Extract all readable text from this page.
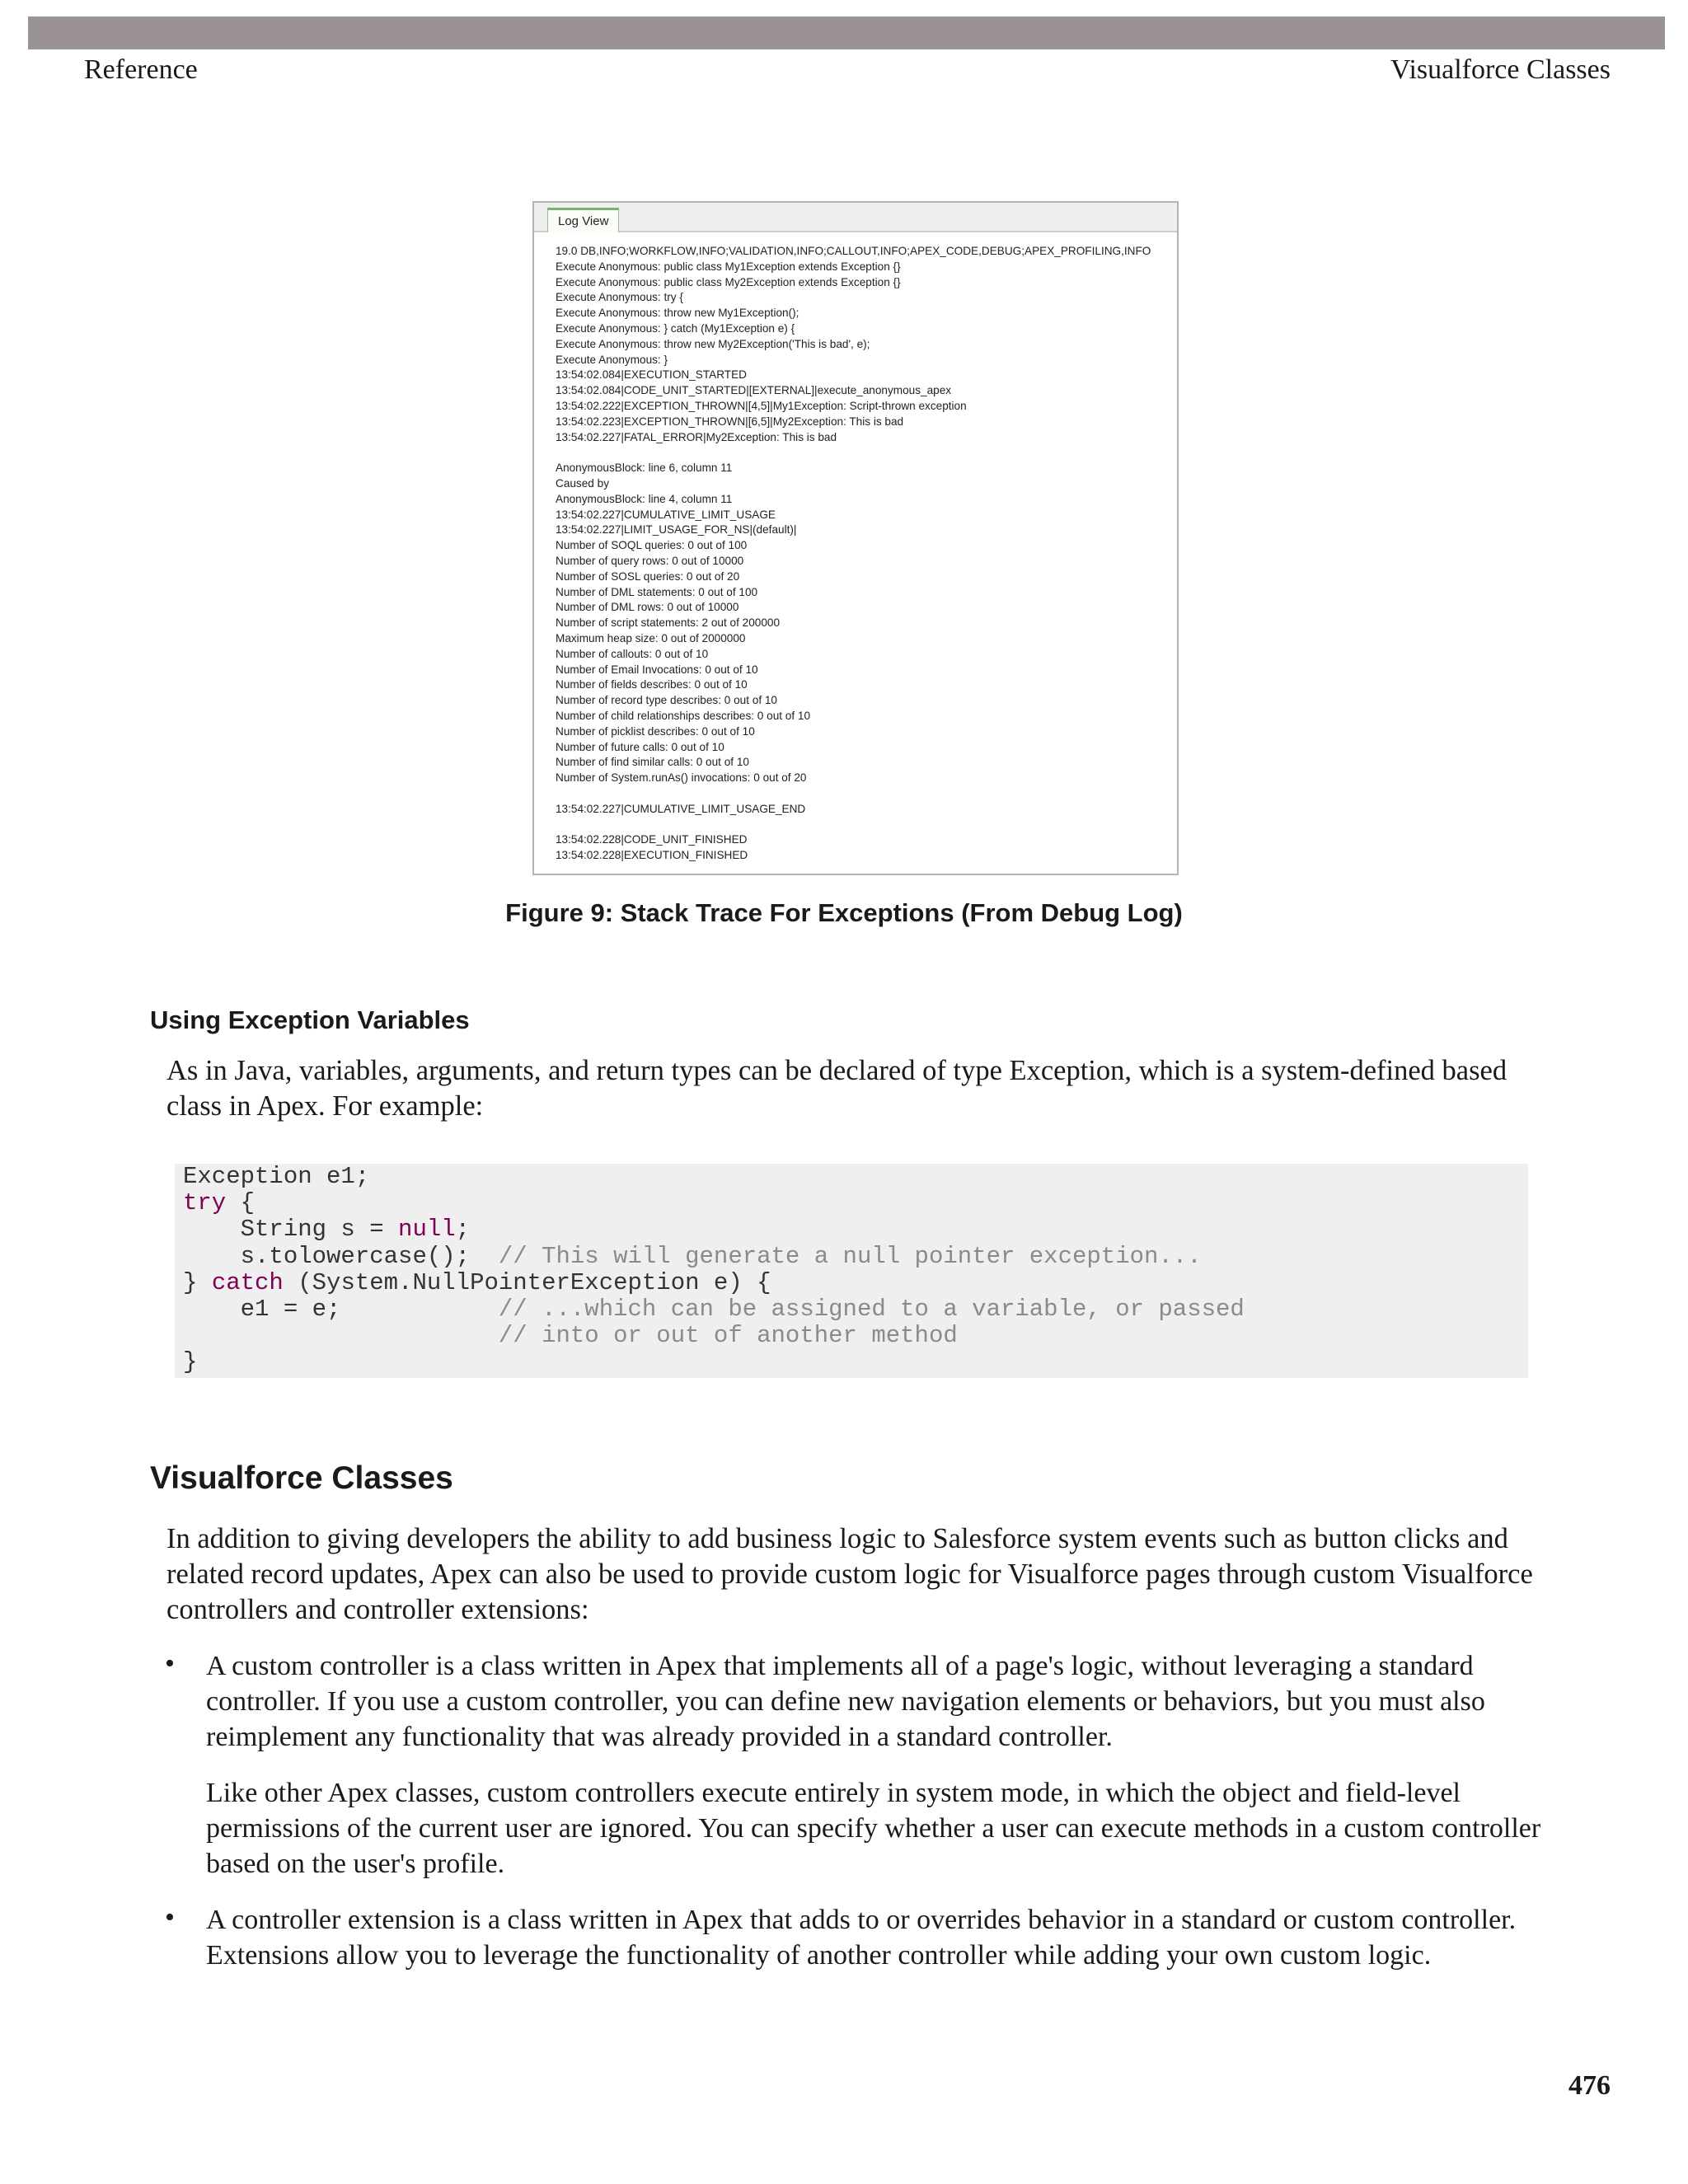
Reference	Visualforce Classes
Log View
19.0 DB,INFO;WORKFLOW,INFO;VALIDATION,INFO;CALLOUT,INFO;APEX_CODE,DEBUG;APEX_PROFILING,INFO
Execute Anonymous: public class My1Exception extends Exception {}
Execute Anonymous: public class My2Exception extends Exception {}
Execute Anonymous: try {
Execute Anonymous: throw new My1Exception();
Execute Anonymous: } catch (My1Exception e) {
Execute Anonymous: throw new My2Exception('This is bad', e);
Execute Anonymous: }
13:54:02.084|EXECUTION_STARTED
13:54:02.084|CODE_UNIT_STARTED|[EXTERNAL]|execute_anonymous_apex
13:54:02.222|EXCEPTION_THROWN|[4,5]|My1Exception: Script-thrown exception
13:54:02.223|EXCEPTION_THROWN|[6,5]|My2Exception: This is bad
13:54:02.227|FATAL_ERROR|My2Exception: This is bad
AnonymousBlock: line 6, column 11
Caused by
AnonymousBlock: line 4, column 11
13:54:02.227|CUMULATIVE_LIMIT_USAGE
13:54:02.227|LIMIT_USAGE_FOR_NS|(default)|
Number of SOQL queries: 0 out of 100
Number of query rows: 0 out of 10000
Number of SOSL queries: 0 out of 20
Number of DML statements: 0 out of 100
Number of DML rows: 0 out of 10000
Number of script statements: 2 out of 200000
Maximum heap size: 0 out of 2000000
Number of callouts: 0 out of 10
Number of Email Invocations: 0 out of 10
Number of fields describes: 0 out of 10
Number of record type describes: 0 out of 10
Number of child relationships describes: 0 out of 10
Number of picklist describes: 0 out of 10
Number of future calls: 0 out of 10
Number of find similar calls: 0 out of 10
Number of System.runAs() invocations: 0 out of 20
13:54:02.227|CUMULATIVE_LIMIT_USAGE_END
13:54:02.228|CODE_UNIT_FINISHED
13:54:02.228|EXECUTION_FINISHED
Figure 9: Stack Trace For Exceptions (From Debug Log)
Using Exception Variables
As in Java, variables, arguments, and return types can be declared of type Exception, which is a system-defined based class in Apex. For example:
Exception e1;
try {
String s = null;
s.tolowercase();  // This will generate a null pointer exception...
} catch (System.NullPointerException e) {
e1 = e;           // ...which can be assigned to a variable, or passed
// into or out of another method
}
Visualforce Classes
In addition to giving developers the ability to add business logic to Salesforce system events such as button clicks and related record updates, Apex can also be used to provide custom logic for Visualforce pages through custom Visualforce controllers and controller extensions:
• A custom controller is a class written in Apex that implements all of a page's logic, without leveraging a standard controller. If you use a custom controller, you can define new navigation elements or behaviors, but you must also reimplement any functionality that was already provided in a standard controller.
Like other Apex classes, custom controllers execute entirely in system mode, in which the object and field-level permissions of the current user are ignored. You can specify whether a user can execute methods in a custom controller based on the user's profile.
• A controller extension is a class written in Apex that adds to or overrides behavior in a standard or custom controller. Extensions allow you to leverage the functionality of another controller while adding your own custom logic.
476
